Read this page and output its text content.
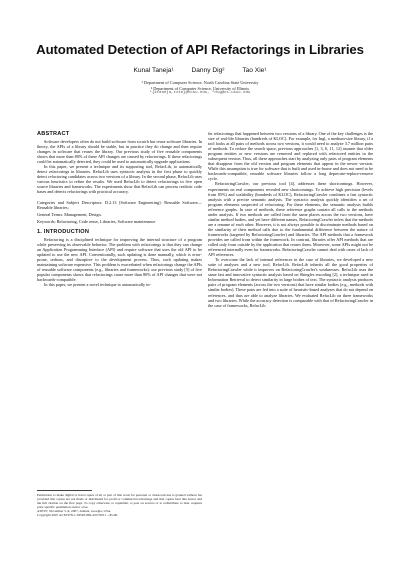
Automated Detection of API Refactorings in Libraries
Kunal Taneja¹	Danny Dig²	Tao Xie¹
¹ Department of Computer Science, North Carolina State University
² Department of Computer Science, University of Illinois
¹{ktaneja,txie}@ncsu.edu, ²dig@cs.uiuc.edu
ABSTRACT

Software developers often do not build software from scratch but reuse software libraries. In theory, the APIs of a library should be stable, but in practice they do change and then require changes in software that reuses the library. Our previous study of five reusable components shows that more than 80% of these API changes are caused by refactorings. If these refactorings could be automatically detected, they could be used to automatically upgrade applications.

In this paper, we present a technique and its supporting tool, RefacLib, to automatically detect refactorings in libraries. RefacLib uses syntactic analysis in the first phase to quickly detect refactoring candidates across two versions of a library. In the second phase, RefacLib uses various heuristics to refine the results. We used RefacLib to detect refactorings in five open source libraries and frameworks. The experiments show that RefacLib can process realistic code bases and detects refactorings with practical accuracy.

Categories and Subject Descriptors: D.2.13 [Software Engineering]: Reusable Software—Reusable libraries;

General Terms: Management, Design.

Keywords: Refactoring, Code reuse, Libraries, Software maintenance

1. INTRODUCTION

Refactoring is a disciplined technique for improving the internal structure of a program while preserving its observable behavior. The problem with refactorings is that they can change an Application Programming Interface (API) and require software that uses the old API to be updated to use the new API. Conventionally, such updating is done manually, which is error-prone, tedious, and disruptive to the development process. Thus, such updating makes maintaining software expensive. This problem is exacerbated when refactorings change the APIs of reusable software components (e.g., libraries and frameworks): our previous study [5] of five popular components shows that refactorings cause more than 80% of API changes that were not backwards-compatible.

In this paper, we present a novel technique to automatically in-

Permission to make digital or hard copies of all or part of this work for personal or classroom use is granted without fee provided that copies are not made or distributed for profit or commercial advantage and that copies bear this notice and the full citation on the first page. To copy otherwise, to republish, to post on servers or to redistribute to lists, requires prior specific permission and/or a fee.
ASE'07, November 5–9, 2007, Atlanta, Georgia, USA.
Copyright 2007 ACM 978-1-59593-882-4/07/0011 ...$5.00.

fer refactorings that happened between two versions of a library. One of the key challenges is the size of real-life libraries (hundreds of KLOC). For example, for Ingl, a medium-size library, if a tool looks at all pairs of methods across two versions, it would need to analyze 3.7 million pairs of methods. To reduce the search space, previous approaches [1, 3, 6, 11, 12] assume that older program entities or new versions are removed and replaced with refactored entities in the subsequent version. Thus, all these approaches start by analyzing only pairs of program elements that disappear from the old version and program elements that appear in the newer version. While this assumption is true for software that is built and used in-house and does not need to be backwards-compatible, reusable software libraries follow a long deprecate-replace-remove cycle.

RefactoringCrawler, our previous tool [4], addresses these shortcomings. However, experiments on real components revealed new shortcomings. To achieve high precision (levels from 85%) and scalability (hundreds of KLOC), RefactoringCrawler combines a fast syntactic analysis with a precise semantic analysis. The syntactic analysis quickly identifies a set of program elements suspected of refactoring. For these elements, the semantic analysis builds reference graphs. In case of methods, these reference graphs contain all calls to the methods under analysis. If two methods are called from the same places across the two versions, have similar method bodies, and yet have different names, RefactoringCrawler infers that the methods are a rename of each other. However, it is not always possible to discriminate methods based on the similarity of their method calls due to the fundamental difference between the nature of frameworks (targeted by RefactoringCrawler) and libraries. The API methods that a framework provides are called from within the framework. In contrast, libraries offer API methods that are called only from outside by the application that reuses them. Moreover, some APIs might not be referenced internally even for frameworks. RefactoringCrawler cannot deal with cases of lack of API references.

To overcome the lack of internal references in the case of libraries, we developed a new suite of analyses and a new tool, RefacLib. RefacLib inherits all the good properties of RefactoringCrawler while it improves on RefactoringCrawler's weaknesses. RefacLib uses the same fast and innovative syntactic analysis based on Shingles encoding [2], a technique used in Information Retrieval to detect similarity in large bodies of text. The syntactic analysis produces pairs of program elements (across the two versions) that have similar bodies (e.g., methods with similar bodies). These pairs are fed into a suite of heuristic-based analyses that do not depend on references, and thus are able to analyze libraries. We evaluated RefacLib on three frameworks and two libraries. While the accuracy detection is comparable with that of RefactoringCrawler in the case of frameworks, RefacLib
